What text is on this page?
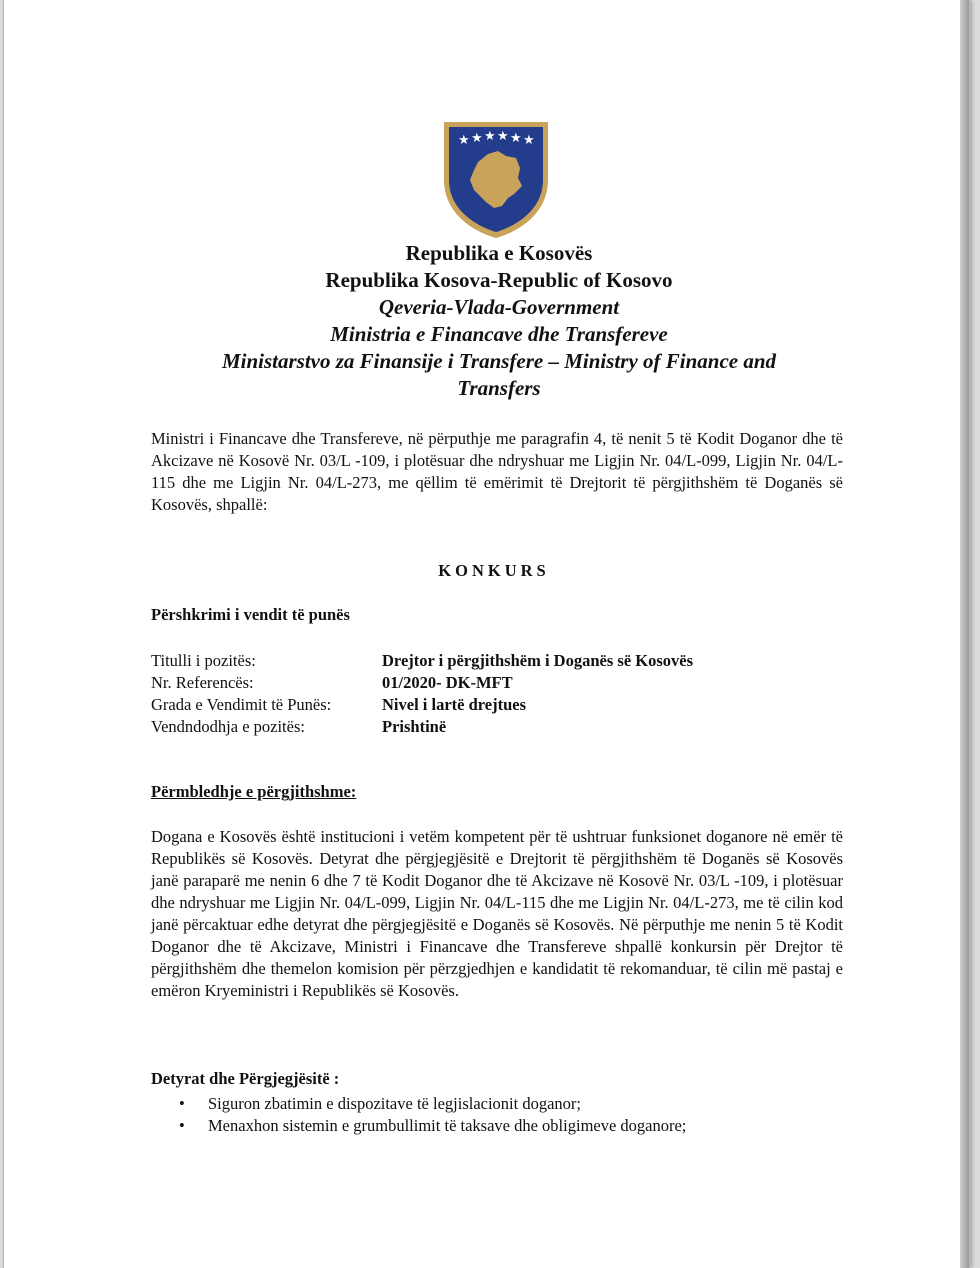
★ ★ ★ ★ ★ ★
Republika e Kosovës
Republika Kosova-Republic of Kosovo
Qeveria-Vlada-Government
Ministria e Financave dhe Transfereve
Ministarstvo za Finansije i Transfere – Ministry of Finance and
Transfers
Ministri i Financave dhe Transfereve, në përputhje me paragrafin 4, të nenit 5 të Kodit Doganor dhe të Akcizave në Kosovë Nr. 03/L -109, i plotësuar dhe ndryshuar me Ligjin Nr. 04/L-099, Ligjin Nr. 04/L-115 dhe me Ligjin Nr. 04/L-273, me qëllim të emërimit të Drejtorit të përgjithshëm të Doganës së Kosovës, shpallë:
KONKURS
Përshkrimi i vendit të punës
Titulli i pozitës:	Drejtor i përgjithshëm i Doganës së Kosovës
Nr. Referencës:	01/2020- DK-MFT
Grada e Vendimit të Punës:	Nivel i lartë drejtues
Vendndodhja e pozitës:	Prishtinë
Përmbledhje e përgjithshme:
Dogana e Kosovës është institucioni i vetëm kompetent për të ushtruar funksionet doganore në emër të Republikës së Kosovës. Detyrat dhe përgjegjësitë e Drejtorit të përgjithshëm të Doganës së Kosovës janë paraparë me nenin 6 dhe 7 të Kodit Doganor dhe të Akcizave në Kosovë Nr. 03/L -109, i plotësuar dhe ndryshuar me Ligjin Nr. 04/L-099, Ligjin Nr. 04/L-115 dhe me Ligjin Nr. 04/L-273, me të cilin kod janë përcaktuar edhe detyrat dhe përgjegjësitë e Doganës së Kosovës. Në përputhje me nenin 5 të Kodit Doganor dhe të Akcizave, Ministri i Financave dhe Transfereve shpallë konkursin për Drejtor të përgjithshëm dhe themelon komision për përzgjedhjen e kandidatit të rekomanduar, të cilin më pastaj e emëron Kryeministri i Republikës së Kosovës.
Detyrat dhe Përgjegjësitë :
• Siguron zbatimin e dispozitave të legjislacionit doganor;
• Menaxhon sistemin e grumbullimit të taksave dhe obligimeve doganore;
